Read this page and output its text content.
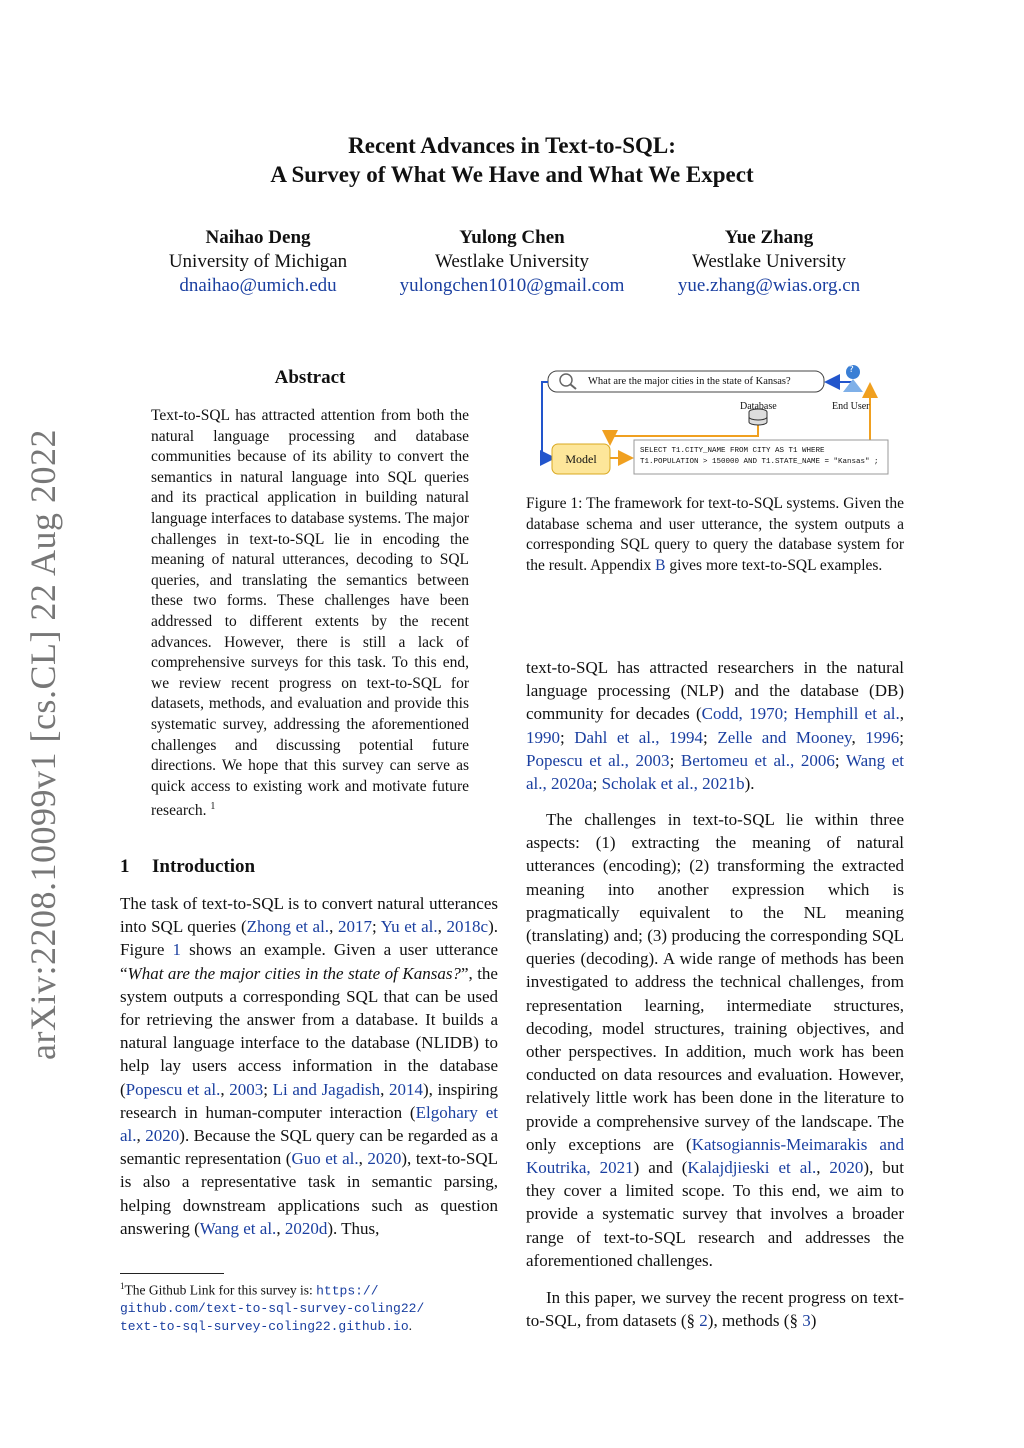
arXiv:2208.10099v1 [cs.CL] 22 Aug 2022
Recent Advances in Text-to-SQL:
A Survey of What We Have and What We Expect
Naihao Deng
University of Michigan
dnaihao@umich.edu
Yulong Chen
Westlake University
yulongchen1010@gmail.com
Yue Zhang
Westlake University
yue.zhang@wias.org.cn
Abstract
Text-to-SQL has attracted attention from both the natural language processing and database communities because of its ability to convert the semantics in natural language into SQL queries and its practical application in building natural language interfaces to database systems. The major challenges in text-to-SQL lie in encoding the meaning of natural utterances, decoding to SQL queries, and translating the semantics between these two forms. These challenges have been addressed to different extents by the recent advances. However, there is still a lack of comprehensive surveys for this task. To this end, we review recent progress on text-to-SQL for datasets, methods, and evaluation and provide this systematic survey, addressing the aforementioned challenges and discussing potential future directions. We hope that this survey can serve as quick access to existing work and motivate future research. $^1$
1 Introduction
The task of text-to-SQL is to convert natural utterances into SQL queries (Zhong et al., 2017; Yu et al., 2018c). Figure 1 shows an example. Given a user utterance “What are the major cities in the state of Kansas?”, the system outputs a corresponding SQL that can be used for retrieving the answer from a database. It builds a natural language interface to the database (NLIDB) to help lay users access information in the database (Popescu et al., 2003; Li and Jagadish, 2014), inspiring research in human-computer interaction (Elgohary et al., 2020). Because the SQL query can be regarded as a semantic representation (Guo et al., 2020), text-to-SQL is also a representative task in semantic parsing, helping downstream applications such as question answering (Wang et al., 2020d). Thus,
$^1$The Github Link for this survey is: https://
github.com/text-to-sql-survey-coling22/
text-to-sql-survey-coling22.github.io.
What are the major cities in the state of Kansas?
Database	End User
?
Model
SELECT T1.CITY_NAME FROM CITY AS T1 WHERE
T1.POPULATION > 150000 AND T1.STATE_NAME = "Kansas" ;
Figure 1: The framework for text-to-SQL systems. Given the database schema and user utterance, the system outputs a corresponding SQL query to query the database system for the result. Appendix B gives more text-to-SQL examples.
text-to-SQL has attracted researchers in the natural language processing (NLP) and the database (DB) community for decades (Codd, 1970; Hemphill et al., 1990; Dahl et al., 1994; Zelle and Mooney, 1996; Popescu et al., 2003; Bertomeu et al., 2006; Wang et al., 2020a; Scholak et al., 2021b).
The challenges in text-to-SQL lie within three aspects: (1) extracting the meaning of natural utterances (encoding); (2) transforming the extracted meaning into another expression which is pragmatically equivalent to the NL meaning (translating) and; (3) producing the corresponding SQL queries (decoding). A wide range of methods has been investigated to address the technical challenges, from representation learning, intermediate structures, decoding, model structures, training objectives, and other perspectives. In addition, much work has been conducted on data resources and evaluation. However, relatively little work has been done in the literature to provide a comprehensive survey of the landscape. The only exceptions are (Katsogiannis-Meimarakis and Koutrika, 2021) and (Kalajdjieski et al., 2020), but they cover a limited scope. To this end, we aim to provide a systematic survey that involves a broader range of text-to-SQL research and addresses the aforementioned challenges.
In this paper, we survey the recent progress on text-to-SQL, from datasets (§ 2), methods (§ 3)
